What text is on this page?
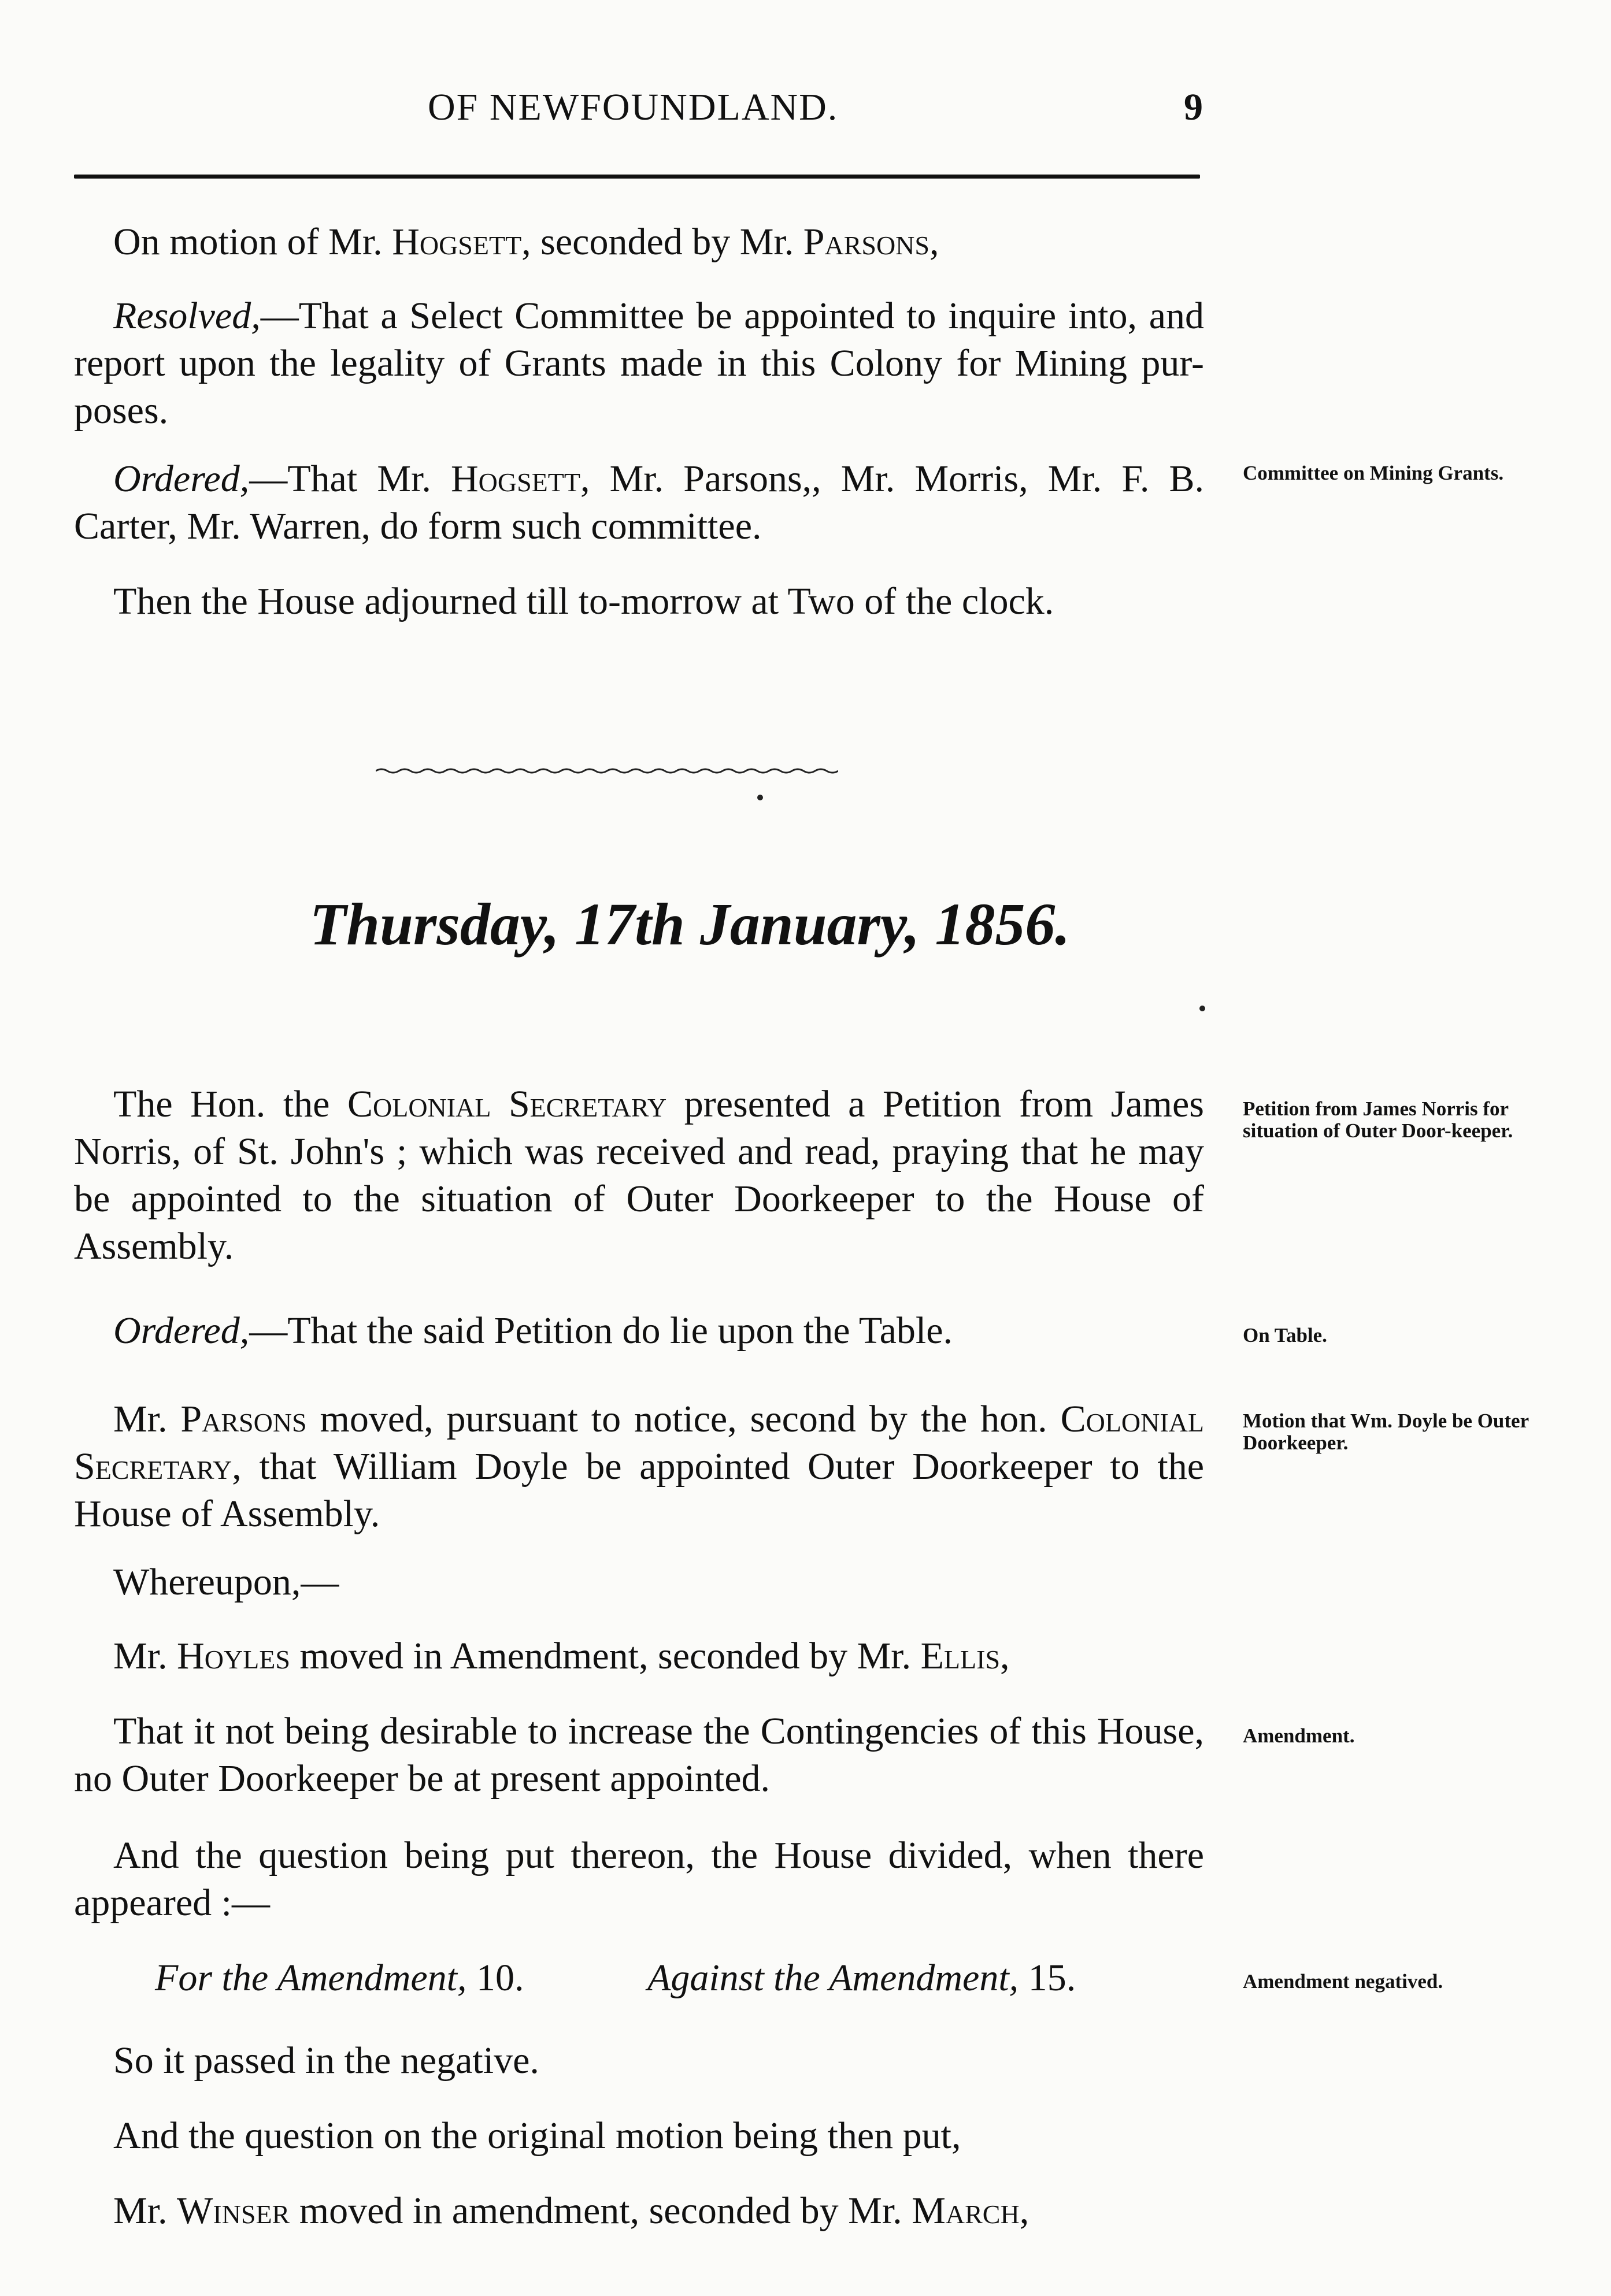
OF NEWFOUNDLAND.	9
On motion of Mr. Hogsett, seconded by Mr. Parsons,
Resolved,—That a Select Committee be appointed to inquire into, and report upon the legality of Grants made in this Colony for Mining pur-poses.
Ordered,—That Mr. Hogsett, Mr. Parsons,, Mr. Morris, Mr. F. B. Carter, Mr. Warren, do form such committee.
Committee on Mining Grants.
Then the House adjourned till to-morrow at Two of the clock.
Thursday, 17th January, 1856.
The Hon. the Colonial Secretary presented a Petition from James Norris, of St. John's ; which was received and read, praying that he may be appointed to the situation of Outer Doorkeeper to the House of Assembly.
Petition from James Norris for situation of Outer Door-keeper.
Ordered,—That the said Petition do lie upon the Table.	On Table.
Mr. Parsons moved, pursuant to notice, second by the hon. Colonial Secretary, that William Doyle be appointed Outer Doorkeeper to the House of Assembly.
Motion that Wm. Doyle be Outer Doorkeeper.
Whereupon,—
Mr. Hoyles moved in Amendment, seconded by Mr. Ellis,
That it not being desirable to increase the Contingencies of this House, no Outer Doorkeeper be at present appointed.
Amendment.
And the question being put thereon, the House divided, when there appeared :—
For the Amendment, 10.	Against the Amendment, 15.	Amendment negatived.
So it passed in the negative.
And the question on the original motion being then put,
Mr. Winser moved in amendment, seconded by Mr. March,
